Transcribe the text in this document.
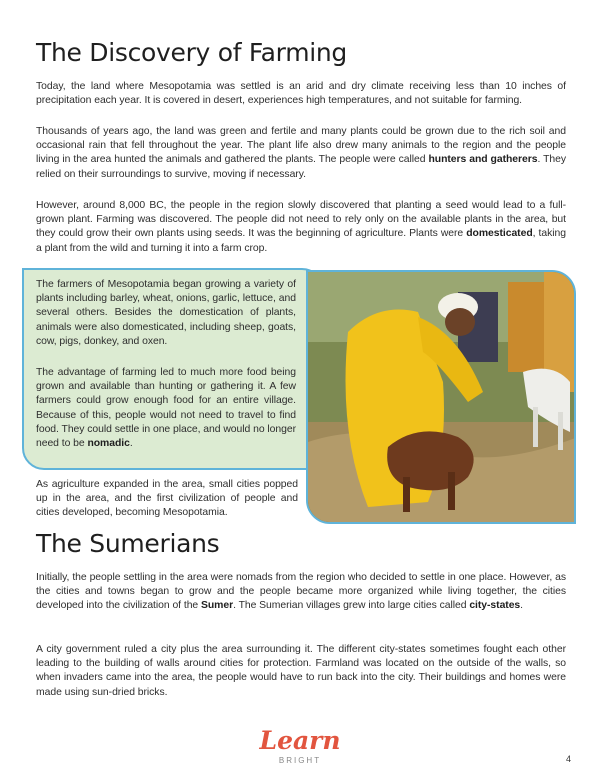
The Discovery of Farming

Today, the land where Mesopotamia was settled is an arid and dry climate receiving less than 10 inches of precipitation each year. It is covered in desert, experiences high temperatures, and not suitable for farming.

Thousands of years ago, the land was green and fertile and many plants could be grown due to the rich soil and occasional rain that fell throughout the year. The plant life also drew many animals to the region and the people living in the area hunted the animals and gathered the plants. The people were called hunters and gatherers. They relied on their surroundings to survive, moving if necessary.

However, around 8,000 BC, the people in the region slowly discovered that planting a seed would lead to a full-grown plant. Farming was discovered. The people did not need to rely only on the available plants in the area, but they could grow their own plants using seeds. It was the beginning of agriculture. Plants were domesticated, taking a plant from the wild and turning it into a farm crop.

The farmers of Mesopotamia began growing a variety of plants including barley, wheat, onions, garlic, lettuce, and several others. Besides the domestication of plants, animals were also domesticated, including sheep, goats, cow, pigs, donkey, and oxen.

The advantage of farming led to much more food being grown and available than hunting or gathering it. A few farmers could grow enough food for an entire village. Because of this, people would not need to travel to find food. They could settle in one place, and would no longer need to be nomadic.

As agriculture expanded in the area, small cities popped up in the area, and the first civilization of people and cities developed, becoming Mesopotamia.

The Sumerians

Initially, the people settling in the area were nomads from the region who decided to settle in one place. However, as the cities and towns began to grow and the people became more organized while living together, the cities developed into the civilization of the Sumer. The Sumerian villages grew into large cities called city-states.

A city government ruled a city plus the area surrounding it. The different city-states sometimes fought each other leading to the building of walls around cities for protection. Farmland was located on the outside of the walls, so when invaders came into the area, the people would have to run back into the city. Their buildings and homes were made using sun-dried bricks.

Learn
BRIGHT	4
